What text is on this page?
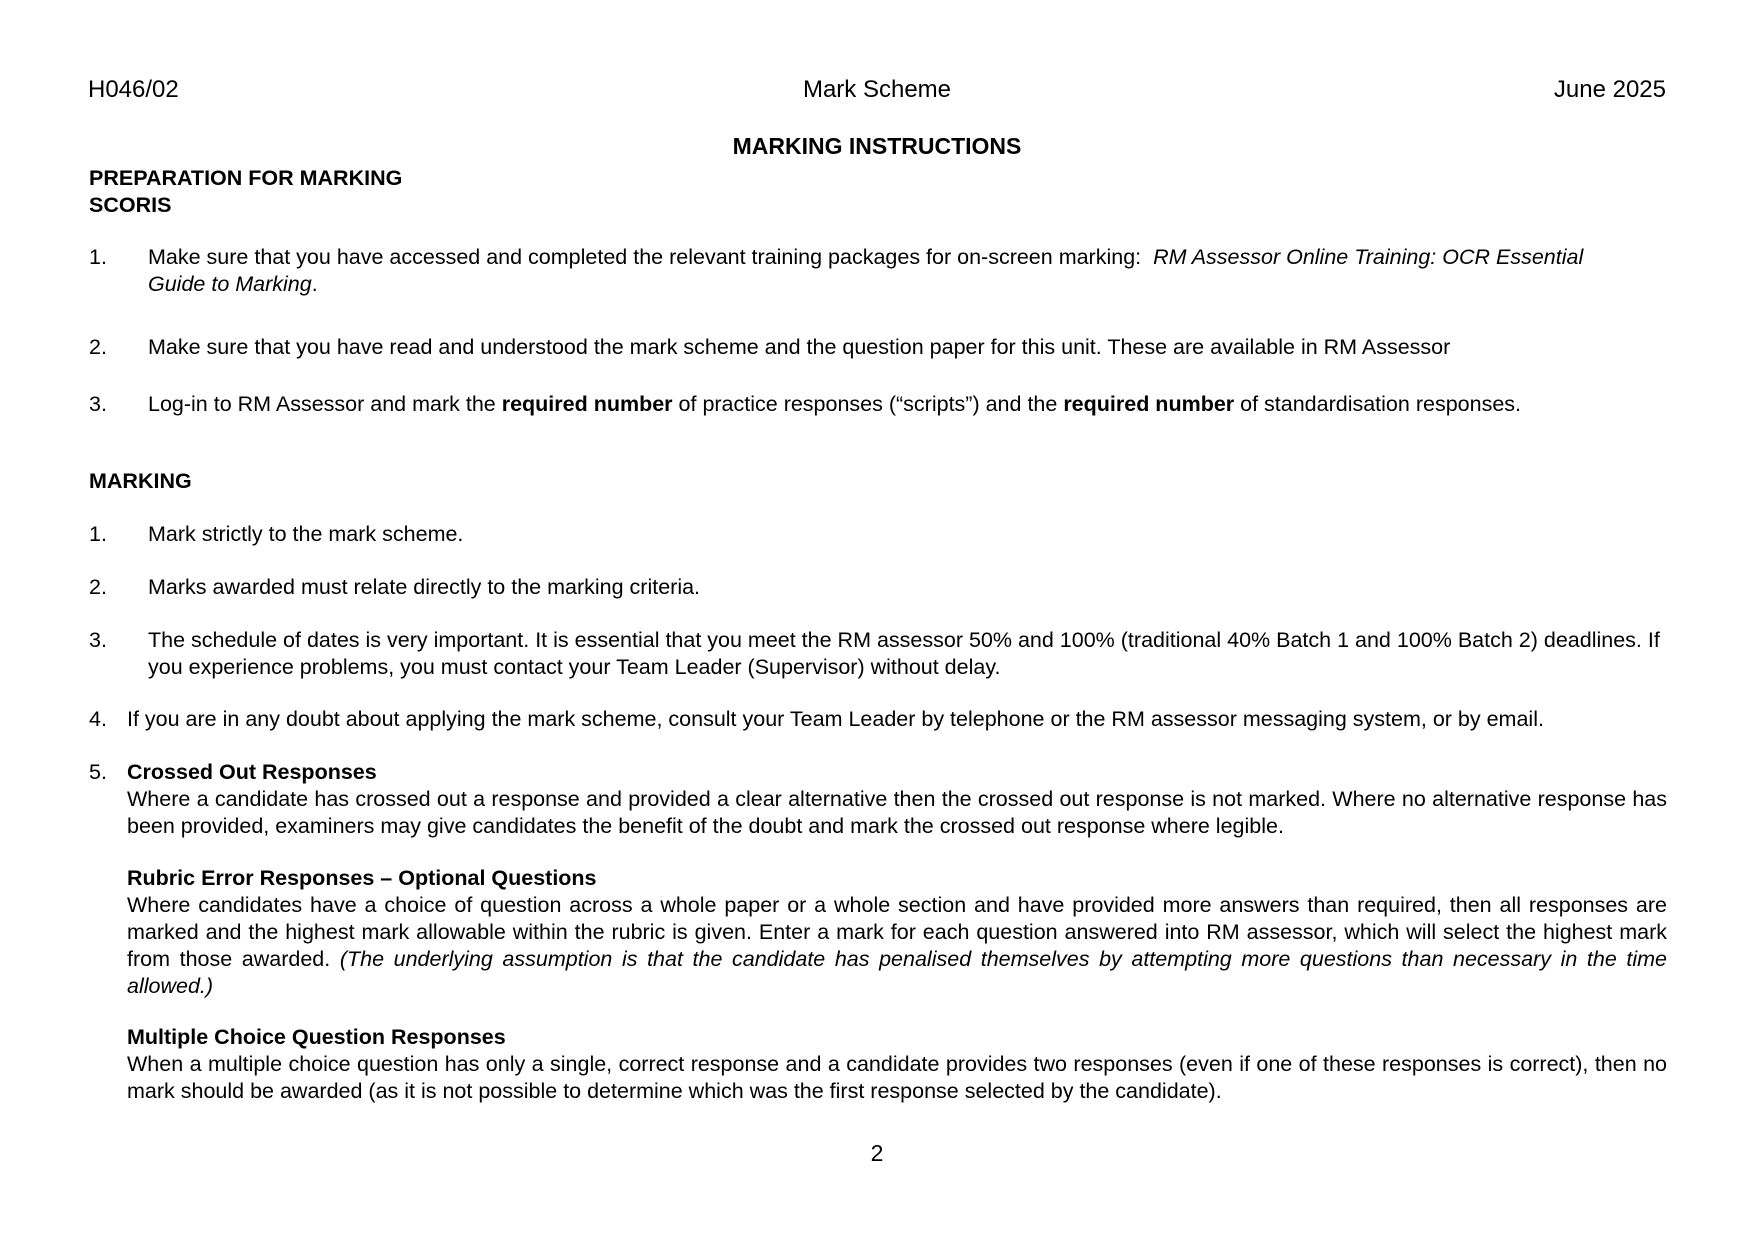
H046/02	Mark Scheme	June 2025
MARKING INSTRUCTIONS
PREPARATION FOR MARKING
SCORIS
1. Make sure that you have accessed and completed the relevant training packages for on-screen marking: RM Assessor Online Training: OCR Essential Guide to Marking.
2. Make sure that you have read and understood the mark scheme and the question paper for this unit. These are available in RM Assessor
3. Log-in to RM Assessor and mark the required number of practice responses (“scripts”) and the required number of standardisation responses.
MARKING
1. Mark strictly to the mark scheme.
2. Marks awarded must relate directly to the marking criteria.
3. The schedule of dates is very important. It is essential that you meet the RM assessor 50% and 100% (traditional 40% Batch 1 and 100% Batch 2) deadlines. If you experience problems, you must contact your Team Leader (Supervisor) without delay.
4. If you are in any doubt about applying the mark scheme, consult your Team Leader by telephone or the RM assessor messaging system, or by email.
5. Crossed Out Responses
Where a candidate has crossed out a response and provided a clear alternative then the crossed out response is not marked. Where no alternative response has been provided, examiners may give candidates the benefit of the doubt and mark the crossed out response where legible.
Rubric Error Responses – Optional Questions
Where candidates have a choice of question across a whole paper or a whole section and have provided more answers than required, then all responses are marked and the highest mark allowable within the rubric is given. Enter a mark for each question answered into RM assessor, which will select the highest mark from those awarded. (The underlying assumption is that the candidate has penalised themselves by attempting more questions than necessary in the time allowed.)
Multiple Choice Question Responses
When a multiple choice question has only a single, correct response and a candidate provides two responses (even if one of these responses is correct), then no mark should be awarded (as it is not possible to determine which was the first response selected by the candidate).
2
